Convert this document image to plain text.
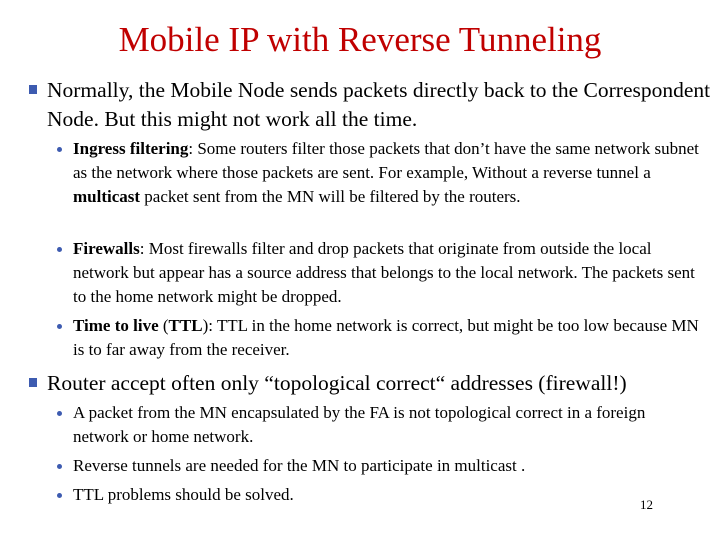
Mobile IP with Reverse Tunneling
Normally, the Mobile Node sends packets directly back to the Correspondent Node. But this might not work all the time.
Ingress filtering: Some routers filter those packets that don’t have the same network subnet as the network where those packets are sent. For example, Without a reverse tunnel a multicast packet sent from the MN will be filtered by the routers.
Firewalls: Most firewalls filter and drop packets that originate from outside the local network but appear has a source address that belongs to the local network. The packets sent to the home network might be dropped.
Time to live (TTL): TTL in the home network is correct, but might be too low because MN is to far away from the receiver.
Router accept often only “topological correct“ addresses (firewall!)
A packet from the MN encapsulated by the FA is not topological correct in a foreign network or home network.
Reverse tunnels are needed for the MN to participate in multicast .
TTL problems should be solved.
12
